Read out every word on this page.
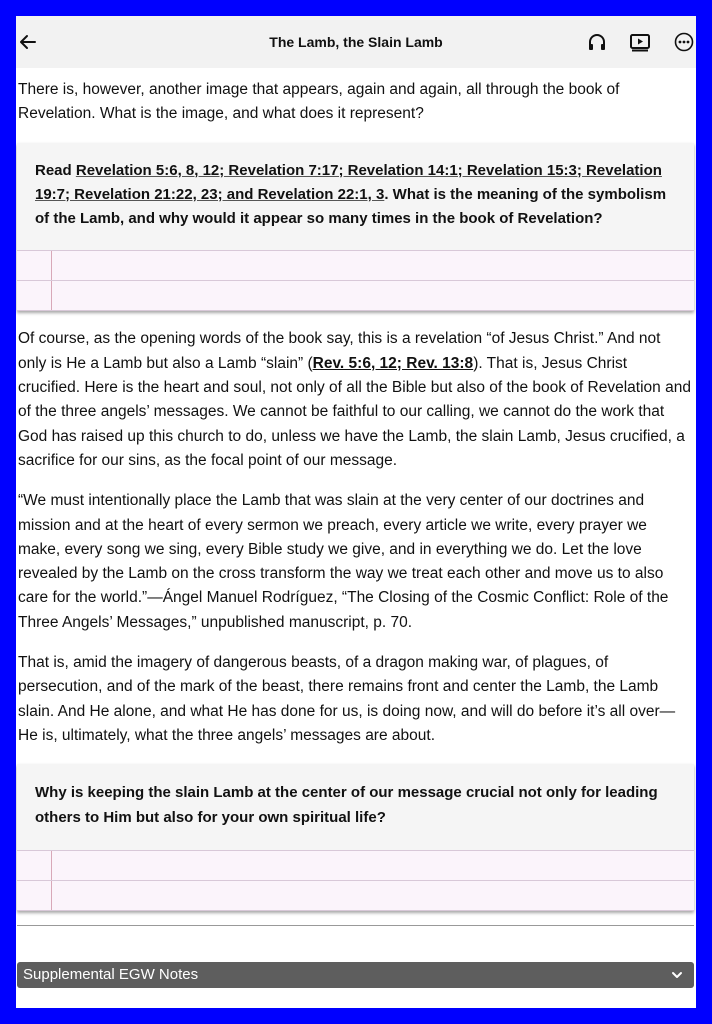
The Lamb, the Slain Lamb

There is, however, another image that appears, again and again, all through the book of Revelation. What is the image, and what does it represent?

Read Revelation 5:6, 8, 12; Revelation 7:17; Revelation 14:1; Revelation 15:3; Revelation 19:7; Revelation 21:22, 23; and Revelation 22:1, 3. What is the meaning of the symbolism of the Lamb, and why would it appear so many times in the book of Revelation?

Of course, as the opening words of the book say, this is a revelation “of Jesus Christ.” And not only is He a Lamb but also a Lamb “slain” (Rev. 5:6, 12; Rev. 13:8). That is, Jesus Christ crucified. Here is the heart and soul, not only of all the Bible but also of the book of Revelation and of the three angels’ messages. We cannot be faithful to our calling, we cannot do the work that God has raised up this church to do, unless we have the Lamb, the slain Lamb, Jesus crucified, a sacrifice for our sins, as the focal point of our message.

“We must intentionally place the Lamb that was slain at the very center of our doctrines and mission and at the heart of every sermon we preach, every article we write, every prayer we make, every song we sing, every Bible study we give, and in everything we do. Let the love revealed by the Lamb on the cross transform the way we treat each other and move us to also care for the world.”—Ángel Manuel Rodríguez, “The Closing of the Cosmic Conflict: Role of the Three Angels’ Messages,” unpublished manuscript, p. 70.

That is, amid the imagery of dangerous beasts, of a dragon making war, of plagues, of persecution, and of the mark of the beast, there remains front and center the Lamb, the Lamb slain. And He alone, and what He has done for us, is doing now, and will do before it’s all over—He is, ultimately, what the three angels’ messages are about.

Why is keeping the slain Lamb at the center of our message crucial not only for leading others to Him but also for your own spiritual life?
Supplemental EGW Notes
